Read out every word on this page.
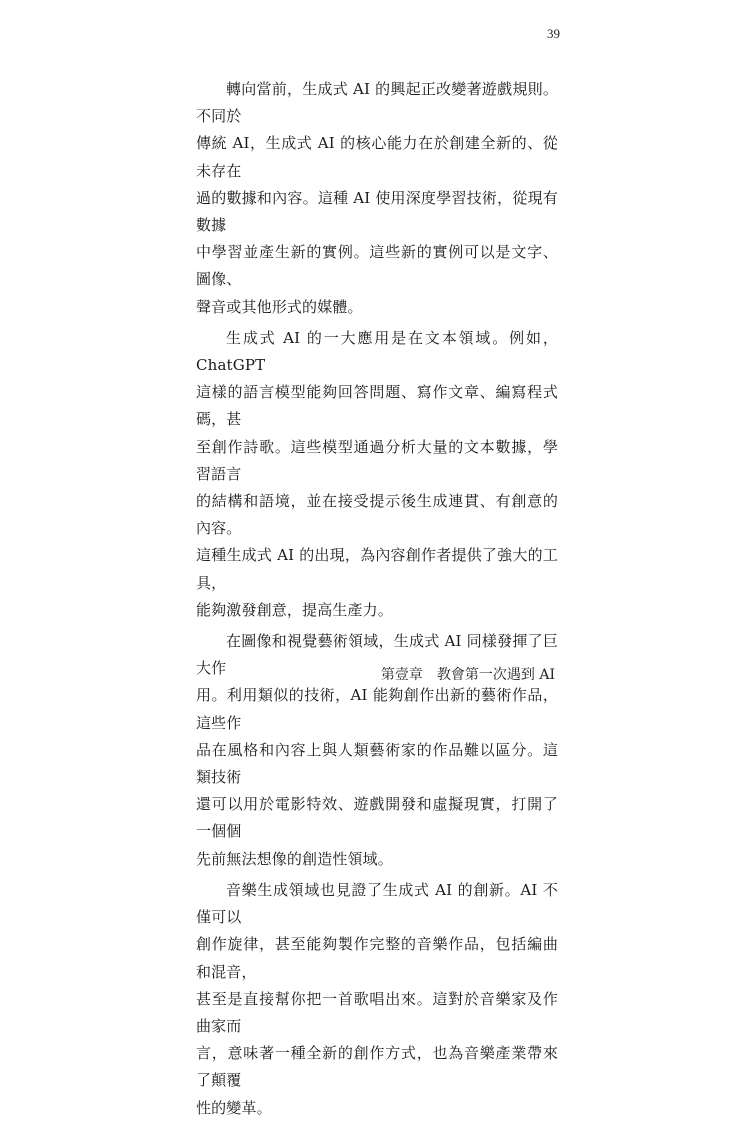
39

轉向當前，生成式 AI 的興起正改變著遊戲規則。不同於
傳統 AI，生成式 AI 的核心能力在於創建全新的、從未存在
過的數據和內容。這種 AI 使用深度學習技術，從現有數據
中學習並產生新的實例。這些新的實例可以是文字、圖像、
聲音或其他形式的媒體。

生成式 AI 的一大應用是在文本領域。例如，ChatGPT
這樣的語言模型能夠回答問題、寫作文章、編寫程式碼，甚
至創作詩歌。這些模型通過分析大量的文本數據，學習語言
的結構和語境，並在接受提示後生成連貫、有創意的內容。
這種生成式 AI 的出現，為內容創作者提供了強大的工具，
能夠激發創意，提高生產力。

在圖像和視覺藝術領域，生成式 AI 同樣發揮了巨大作
用。利用類似的技術，AI 能夠創作出新的藝術作品，這些作
品在風格和內容上與人類藝術家的作品難以區分。這類技術
還可以用於電影特效、遊戲開發和虛擬現實，打開了一個個
先前無法想像的創造性領域。

音樂生成領域也見證了生成式 AI 的創新。AI 不僅可以
創作旋律，甚至能夠製作完整的音樂作品，包括編曲和混音，
甚至是直接幫你把一首歌唱出來。這對於音樂家及作曲家而
言，意味著一種全新的創作方式，也為音樂產業帶來了顛覆
性的變革。

第壹章　教會第一次遇到 AI
